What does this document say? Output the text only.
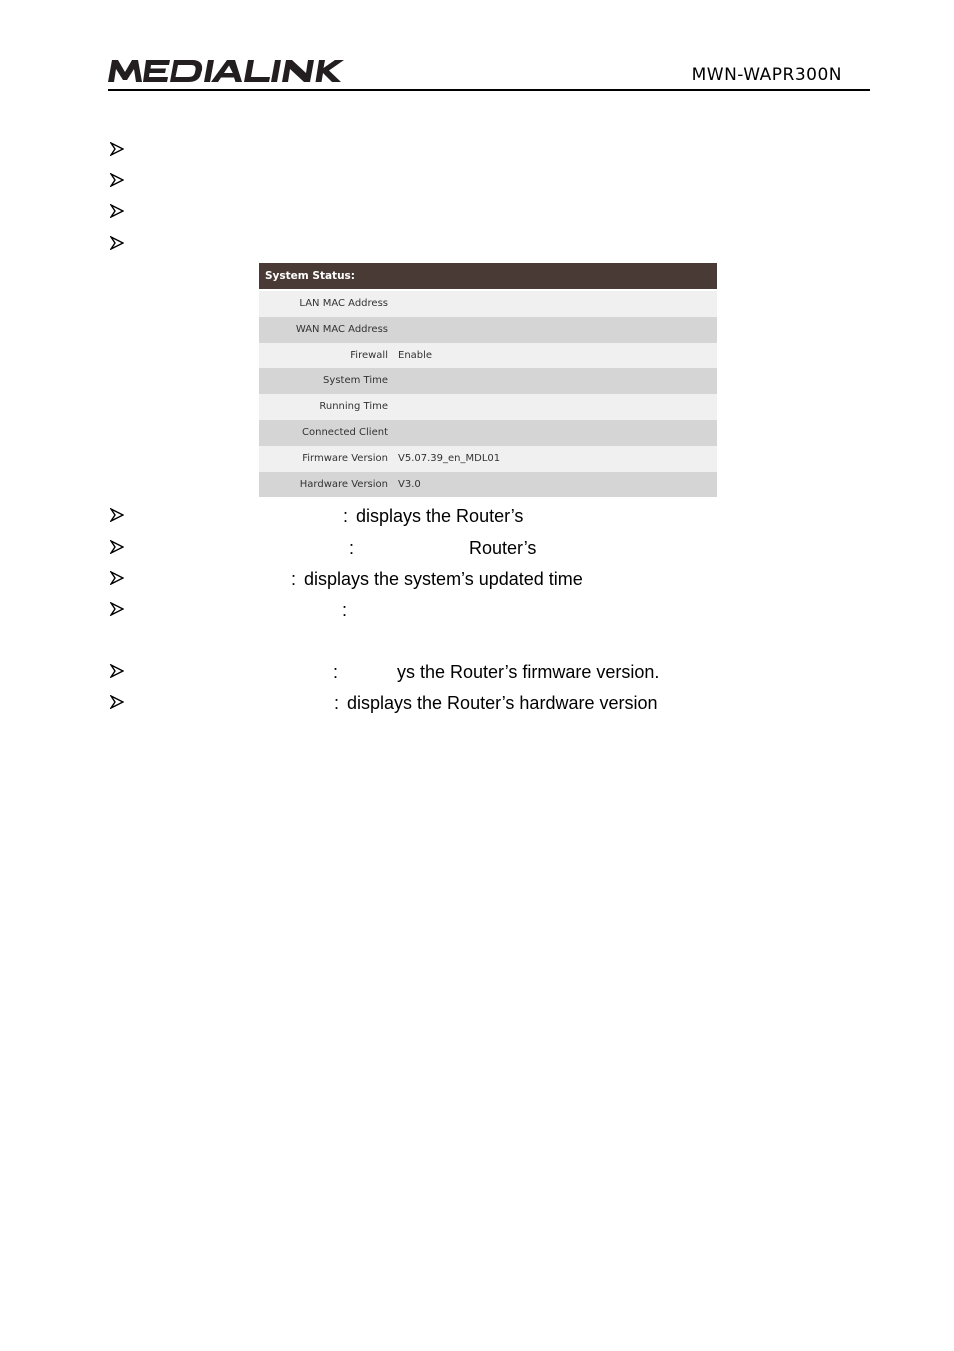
MWN-WAPR300N
System Status:
LAN MAC Address
WAN MAC Address
Firewall Enable
System Time
Running Time
Connected Client
Firmware Version V5.07.39_en_MDL01
Hardware Version V3.0
: displays the Router’s
:	Router’s
: displays the system’s updated time
:
:	ys the Router’s firmware version.
: displays the Router’s hardware version
